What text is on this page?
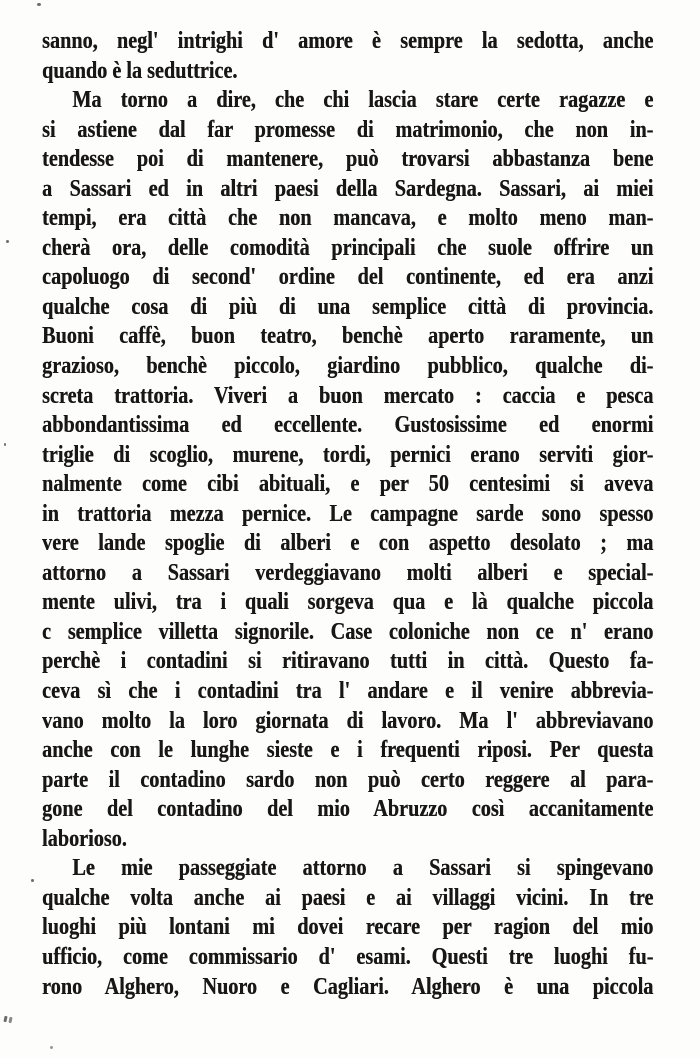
sanno, negl' intrighi d' amore è sempre la sedotta, anche
quando è la seduttrice.
Ma torno a dire, che chi lascia stare certe ragazze e
si astiene dal far promesse di matrimonio, che non in-
tendesse poi di mantenere, può trovarsi abbastanza bene
a Sassari ed in altri paesi della Sardegna. Sassari, ai miei
tempi, era città che non mancava, e molto meno man-
cherà ora, delle comodità principali che suole offrire un
capoluogo di second' ordine del continente, ed era anzi
qualche cosa di più di una semplice città di provincia.
Buoni caffè, buon teatro, benchè aperto raramente, un
grazioso, benchè piccolo, giardino pubblico, qualche di-
screta trattoria. Viveri a buon mercato : caccia e pesca
abbondantissima ed eccellente. Gustosissime ed enormi
triglie di scoglio, murene, tordi, pernici erano serviti gior-
nalmente come cibi abituali, e per 50 centesimi si aveva
in trattoria mezza pernice. Le campagne sarde sono spesso
vere lande spoglie di alberi e con aspetto desolato ; ma
attorno a Sassari verdeggiavano molti alberi e special-
mente ulivi, tra i quali sorgeva qua e là qualche piccola
c semplice villetta signorile. Case coloniche non ce n' erano
perchè i contadini si ritiravano tutti in città. Questo fa-
ceva sì che i contadini tra l' andare e il venire abbrevia-
vano molto la loro giornata di lavoro. Ma l' abbreviavano
anche con le lunghe sieste e i frequenti riposi. Per questa
parte il contadino sardo non può certo reggere al para-
gone del contadino del mio Abruzzo così accanitamente
laborioso.
Le mie passeggiate attorno a Sassari si spingevano
qualche volta anche ai paesi e ai villaggi vicini. In tre
luoghi più lontani mi dovei recare per ragion del mio
ufficio, come commissario d' esami. Questi tre luoghi fu-
rono Alghero, Nuoro e Cagliari. Alghero è una piccola
